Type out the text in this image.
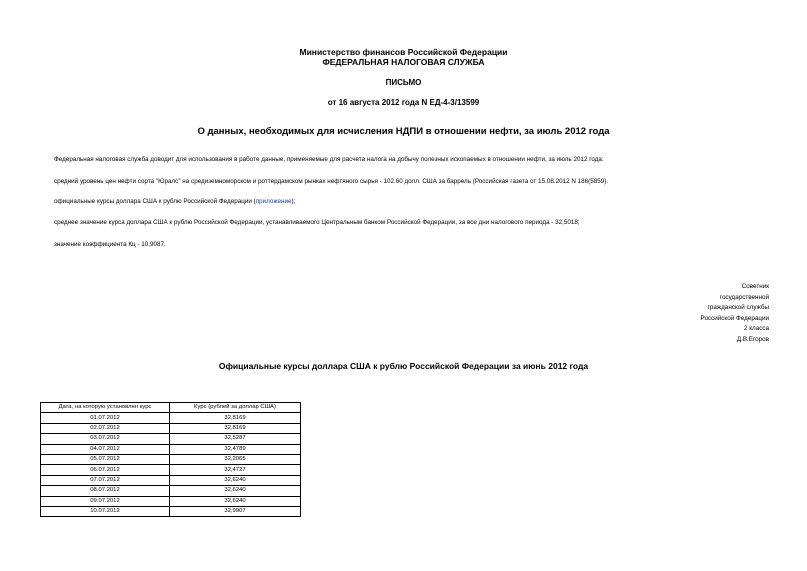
Министерство финансов Российской Федерации
ФЕДЕРАЛЬНАЯ НАЛОГОВАЯ СЛУЖБА
ПИСЬМО
от 16 августа 2012 года N ЕД-4-3/13599
О данных, необходимых для исчисления НДПИ в отношении нефти, за июль 2012 года
Федеральная налоговая служба доводит для использования в работе данные, применяемые для расчета налога на добычу полезных ископаемых в отношении нефти, за июль 2012 года:
средний уровень цен нефти сорта "Юралс" на средиземноморском и роттердамском рынках нефтяного сырья - 102.60 долл. США за баррель (Российская газета от 15.08.2012 N 186(5859).
официальные курсы доллара США к рублю Российской Федерации (приложение);
среднее значение курса доллара США к рублю Российской Федерации, устанавливаемого Центральным банком Российской Федерации, за все дни налогового периода - 32,5018;
значение коэффициента Кц - 10,9087.
Советник
государственной
гражданской службы
Российской Федерации
2 класса
Д.В.Егоров
Официальные курсы доллара США к рублю Российской Федерации за июнь 2012 года
Дата, на которую установлен курс	Курс (рублей за доллар США)
01.07.2012	32,8169
02.07.2012	32,8169
03.07.2012	32,5287
04.07.2012	32,4789
05.07.2012	32,2065
06.07.2012	32,4727
07.07.2012	32,6240
08.07.2012	32,6240
09.07.2012	32,6240
10.07.2012	32,9907
